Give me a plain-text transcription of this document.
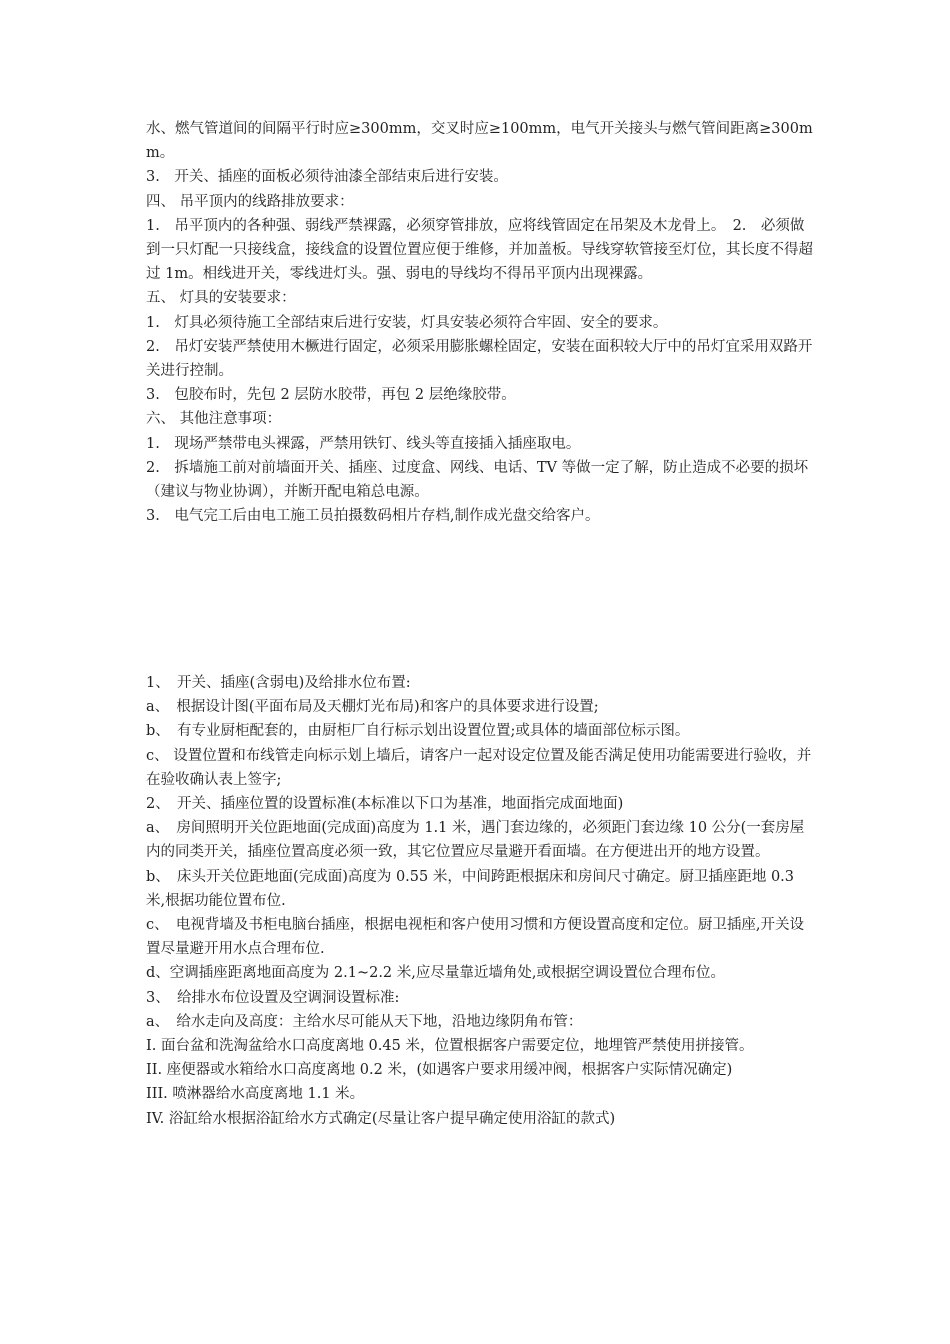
水、燃气管道间的间隔平行时应≥300mm，交叉时应≥100mm，电气开关接头与燃气管间距离≥300mm。

3.　开关、插座的面板必须待油漆全部结束后进行安装。

四、 吊平顶内的线路排放要求：

1.　吊平顶内的各种强、弱线严禁裸露，必须穿管排放，应将线管固定在吊架及木龙骨上。　2.　必须做到一只灯配一只接线盒，接线盒的设置位置应便于维修，并加盖板。导线穿软管接至灯位，其长度不得超过 1m。相线进开关，零线进灯头。强、弱电的导线均不得吊平顶内出现裸露。

五、 灯具的安装要求：

1.　灯具必须待施工全部结束后进行安装，灯具安装必须符合牢固、安全的要求。

2.　吊灯安装严禁使用木橛进行固定，必须采用膨胀螺栓固定，安装在面积较大厅中的吊灯宜采用双路开关进行控制。

3.　包胶布时，先包 2 层防水胶带，再包 2 层绝缘胶带。

六、 其他注意事项：

1.　现场严禁带电头裸露，严禁用铁钉、线头等直接插入插座取电。

2.　拆墙施工前对前墙面开关、插座、过度盒、网线、电话、TV 等做一定了解，防止造成不必要的损坏（建议与物业协调），并断开配电箱总电源。

3.　电气完工后由电工施工员拍摄数码相片存档,制作成光盘交给客户。

1、　开关、插座(含弱电)及给排水位布置:

a、　根据设计图(平面布局及天棚灯光布局)和客户的具体要求进行设置;

b、　有专业厨柜配套的，由厨柜厂自行标示划出设置位置;或具体的墙面部位标示图。

c、 设置位置和布线管走向标示划上墙后，请客户一起对设定位置及能否满足使用功能需要进行验收，并在验收确认表上签字;

2、　开关、插座位置的设置标准(本标准以下口为基准，地面指完成面地面)

a、　房间照明开关位距地面(完成面)高度为 1.1 米，遇门套边缘的，必须距门套边缘 10 公分(一套房屋内的同类开关，插座位置高度必须一致，其它位置应尽量避开看面墙。在方便进出开的地方设置。

b、　床头开关位距地面(完成面)高度为 0.55 米，中间跨距根据床和房间尺寸确定。厨卫插座距地 0.3 米,根据功能位置布位.

c、　电视背墙及书柜电脑台插座，根据电视柜和客户使用习惯和方便设置高度和定位。厨卫插座,开关设置尽量避开用水点合理布位.

d、空调插座距离地面高度为 2.1~2.2 米,应尽量靠近墙角处,或根据空调设置位合理布位。

3、　给排水布位设置及空调洞设置标准:

a、　给水走向及高度：主给水尽可能从天下地，沿地边缘阴角布管：

I. 面台盆和洗淘盆给水口高度离地 0.45 米，位置根据客户需要定位，地埋管严禁使用拼接管。

II. 座便器或水箱给水口高度离地 0.2 米，(如遇客户要求用缓冲阀，根据客户实际情况确定)

III. 喷淋器给水高度离地 1.1 米。

IV. 浴缸给水根据浴缸给水方式确定(尽量让客户提早确定使用浴缸的款式)
